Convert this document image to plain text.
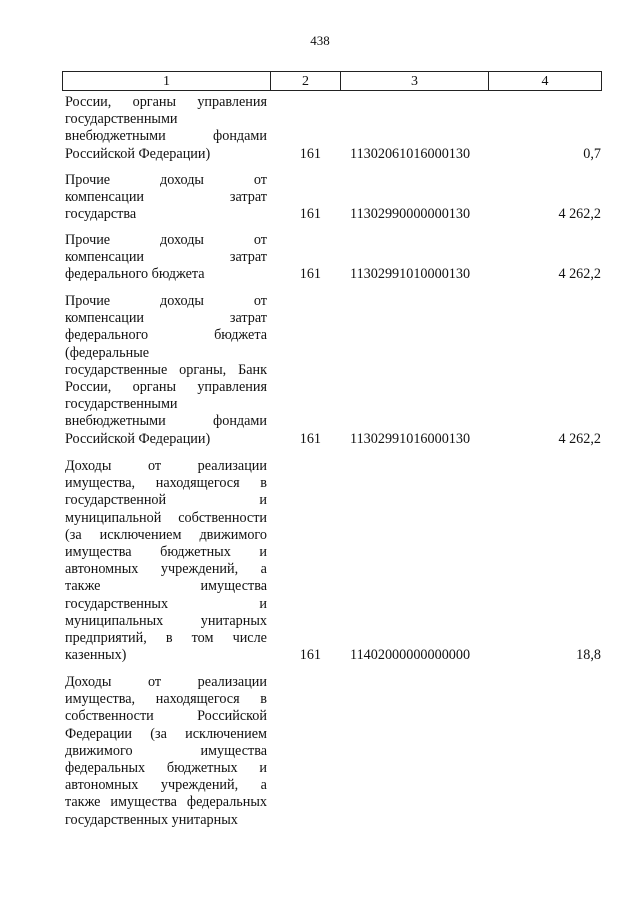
438
1	2	3	4
России, органы управления
государственными
внебюджетными	фондами
Российской Федерации)	161 11302061016000130	0,7
Прочие	доходы	от
компенсации	затрат
государства	161 11302990000000130	4 262,2
Прочие	доходы	от
компенсации	затрат
федерального бюджета	161 11302991010000130	4 262,2
Прочие	доходы	от
компенсации	затрат
федерального	бюджета
(федеральные
государственные органы, Банк
России, органы управления
государственными
внебюджетными	фондами
Российской Федерации)	161 11302991016000130	4 262,2
Доходы	от	реализации
имущества, находящегося в
государственной	и
муниципальной собственности
(за исключением движимого
имущества бюджетных и
автономных учреждений, а
также	имущества
государственных	и
муниципальных	унитарных
предприятий, в том числе
казенных)	161 11402000000000000	18,8
Доходы	от	реализации
имущества, находящегося в
собственности	Российской
Федерации (за исключением
движимого	имущества
федеральных бюджетных и
автономных учреждений, а
также имущества федеральных
государственных унитарных
